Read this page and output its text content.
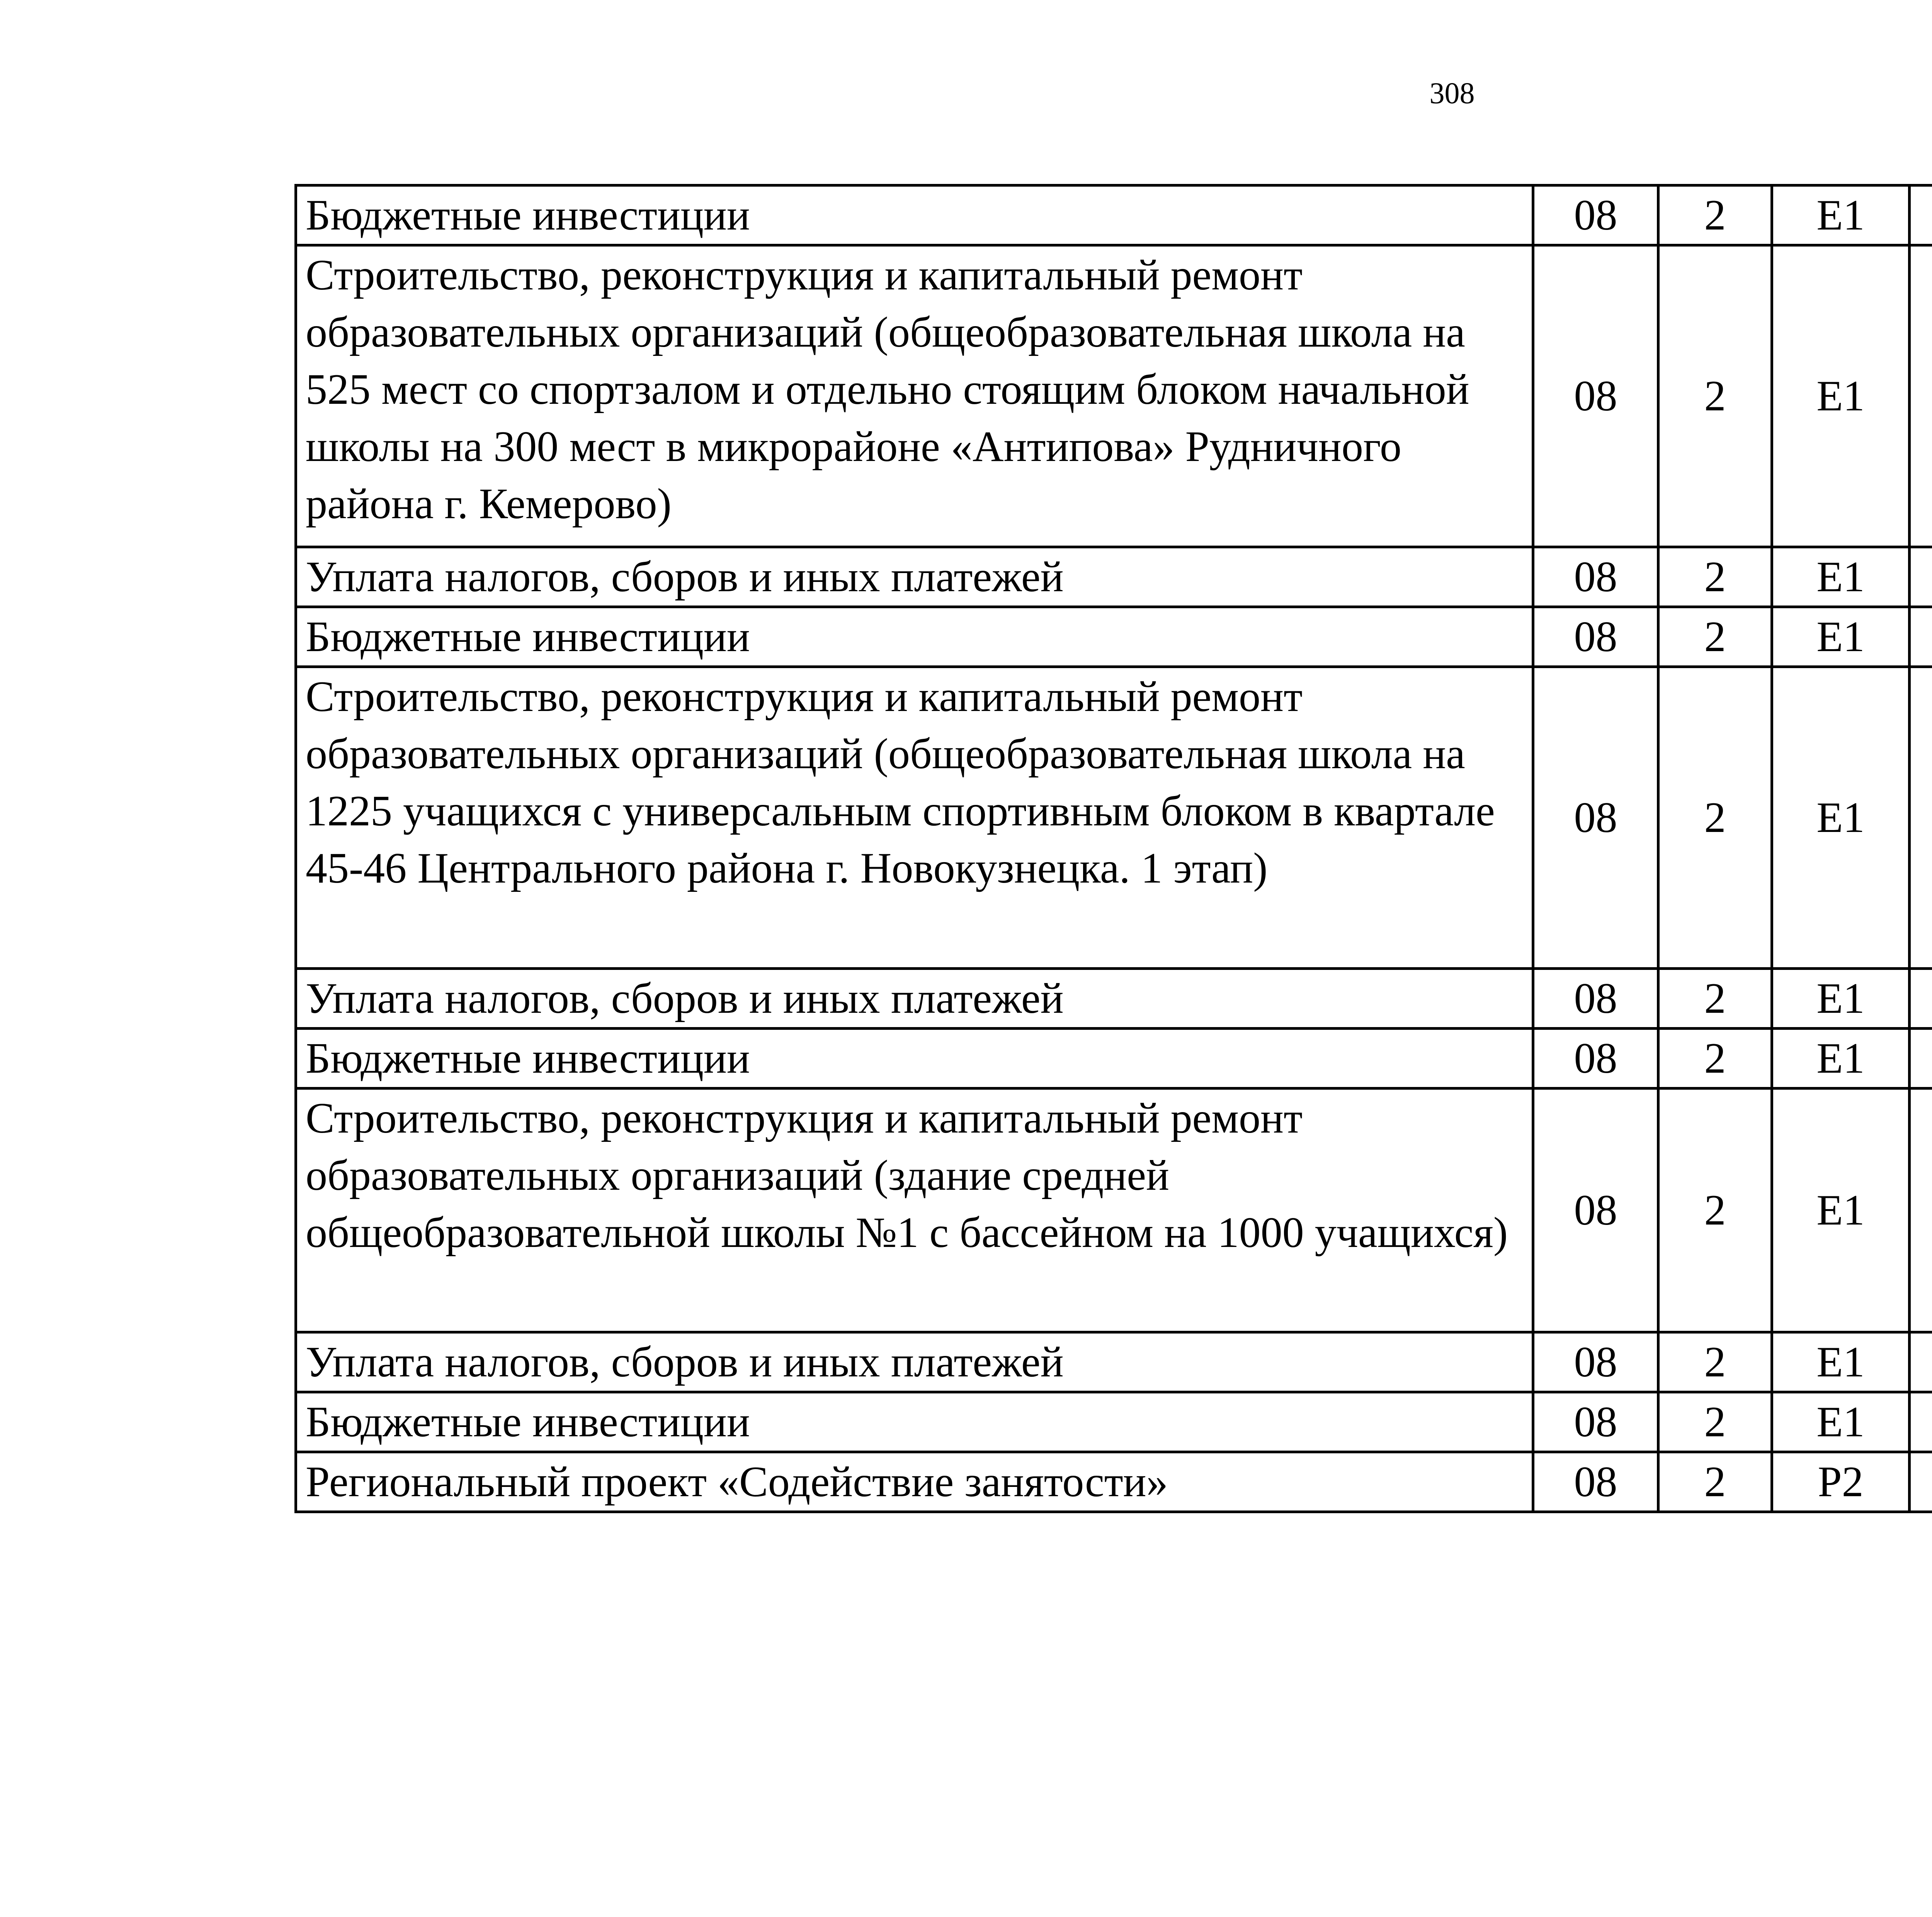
308
Бюджетные инвестиции	08	2	E1			
Строительство, реконструкция и капитальный ремонт образовательных организаций (общеобразовательная школа на 525 мест со спортзалом и отдельно стоящим блоком начальной школы на 300 мест в микрорайоне «Антипова» Рудничного района г. Кемерово)	08	2	E1			
Уплата налогов, сборов и иных платежей	08	2	E1			
Бюджетные инвестиции	08	2	E1			
Строительство, реконструкция и капитальный ремонт образовательных организаций (общеобразовательная школа на 1225 учащихся с универсальным спортивным блоком в квартале 45-46 Центрального района г. Новокузнецка. 1 этап)	08	2	E1			
Уплата налогов, сборов и иных платежей	08	2	E1			
Бюджетные инвестиции	08	2	E1			
Строительство, реконструкция и капитальный ремонт образовательных организаций (здание средней общеобразовательной школы №1 с бассейном на 1000 учащихся)	08	2	E1			
Уплата налогов, сборов и иных платежей	08	2	E1			
Бюджетные инвестиции	08	2	E1			
Региональный проект «Содействие занятости»	08	2	P2			
